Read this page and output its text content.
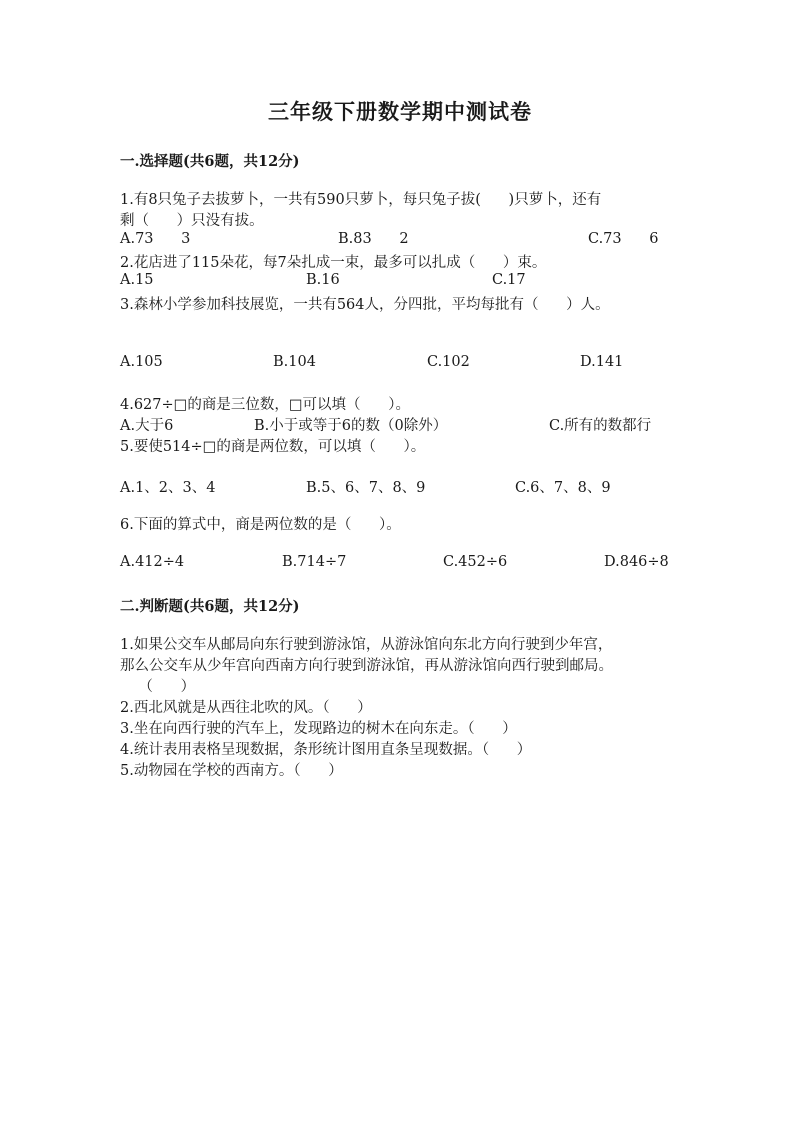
三年级下册数学期中测试卷
一.选择题(共6题，共12分)
1.有8只兔子去拔萝卜，一共有590只萝卜，每只兔子拔(      )只萝卜，还有
剩（      ）只没有拔。
A.73      3	B.83      2	C.73      6
2.花店进了115朵花，每7朵扎成一束，最多可以扎成（      ）束。
A.15	B.16	C.17
3.森林小学参加科技展览，一共有564人，分四批，平均每批有（      ）人。
A.105	B.104	C.102	D.141
4.627÷□的商是三位数，□可以填（      ）。
A.大于6	B.小于或等于6的数（0除外）	C.所有的数都行
5.要使514÷□的商是两位数，可以填（      ）。
A.1、2、3、4	B.5、6、7、8、9	C.6、7、8、9
6.下面的算式中，商是两位数的是（      ）。
A.412÷4	B.714÷7	C.452÷6	D.846÷8
二.判断题(共6题，共12分)
1.如果公交车从邮局向东行驶到游泳馆，从游泳馆向东北方向行驶到少年宫，
那么公交车从少年宫向西南方向行驶到游泳馆，再从游泳馆向西行驶到邮局。
（      ）
2.西北风就是从西往北吹的风。（      ）
3.坐在向西行驶的汽车上，发现路边的树木在向东走。（      ）
4.统计表用表格呈现数据，条形统计图用直条呈现数据。（      ）
5.动物园在学校的西南方。（      ）
